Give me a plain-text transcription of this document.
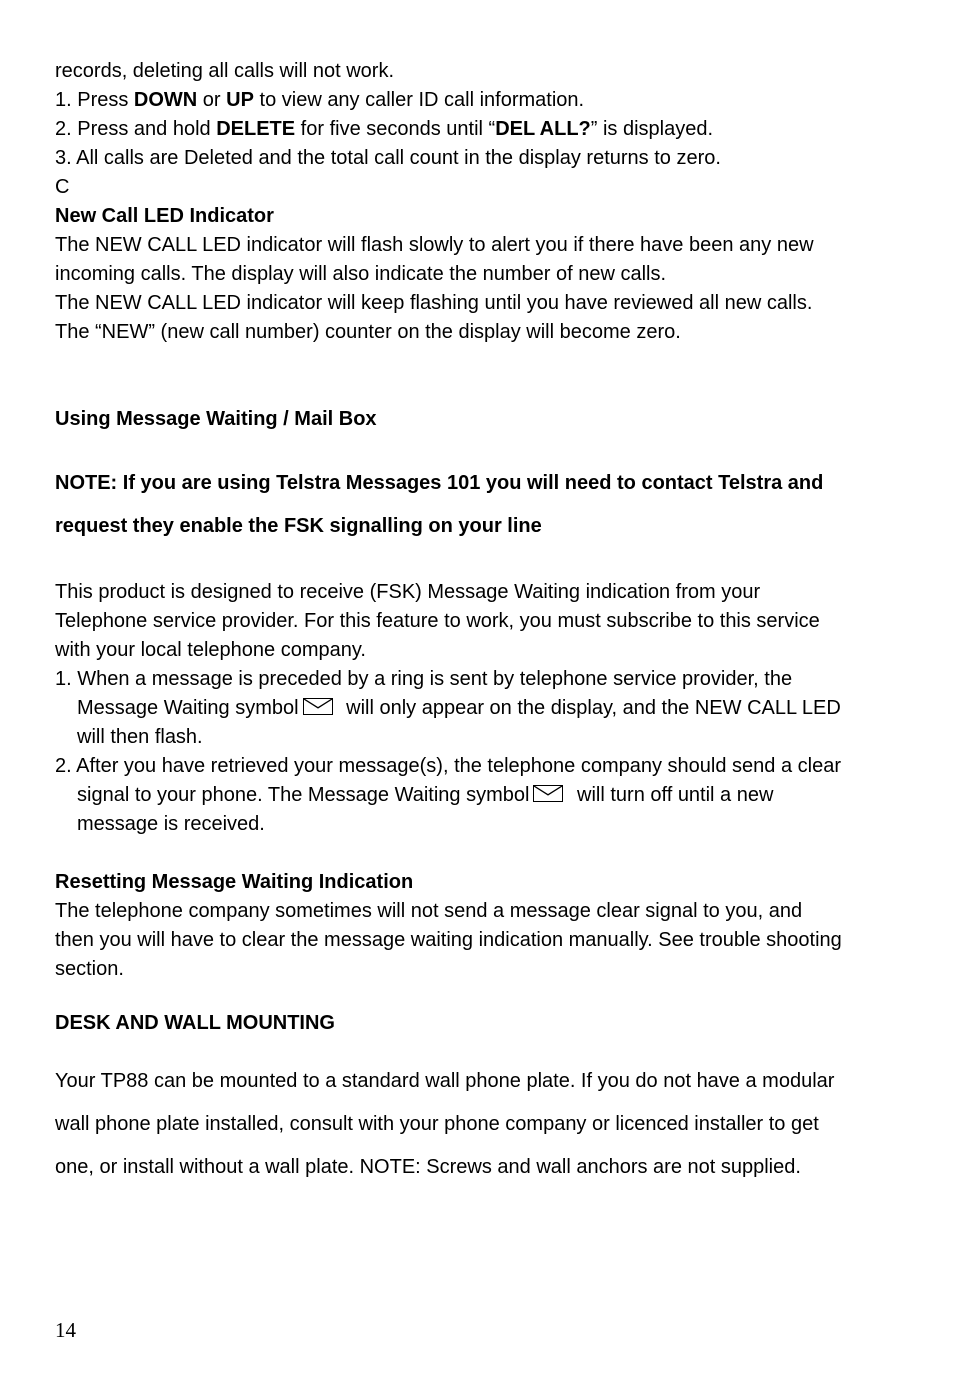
records, deleting all calls will not work.
1. Press DOWN or UP to view any caller ID call information.
2. Press and hold DELETE for five seconds until “DEL ALL?” is displayed.
3. All calls are Deleted and the total call count in the display returns to zero.
C
New Call LED Indicator
The NEW CALL LED indicator will flash slowly to alert you if there have been any new
incoming calls. The display will also indicate the number of new calls.
The NEW CALL LED indicator will keep flashing until you have reviewed all new calls.
The “NEW” (new call number) counter on the display will become zero.
Using Message Waiting / Mail Box
NOTE: If you are using Telstra Messages 101 you will need to contact Telstra and
request they enable the FSK signalling on your line
This product is designed to receive (FSK) Message Waiting indication from your
Telephone service provider. For this feature to work, you must subscribe to this service
with your local telephone company.
1. When a message is preceded by a ring is sent by telephone service provider, the
Message Waiting symbol will only appear on the display, and the NEW CALL LED
will then flash.
2. After you have retrieved your message(s), the telephone company should send a clear
signal to your phone. The Message Waiting symbol will turn off until a new
message is received.
Resetting Message Waiting Indication
The telephone company sometimes will not send a message clear signal to you, and
then you will have to clear the message waiting indication manually. See trouble shooting
section.
DESK AND WALL MOUNTING
Your TP88 can be mounted to a standard wall phone plate. If you do not have a modular
wall phone plate installed, consult with your phone company or licenced installer to get
one, or install without a wall plate. NOTE: Screws and wall anchors are not supplied.
14
